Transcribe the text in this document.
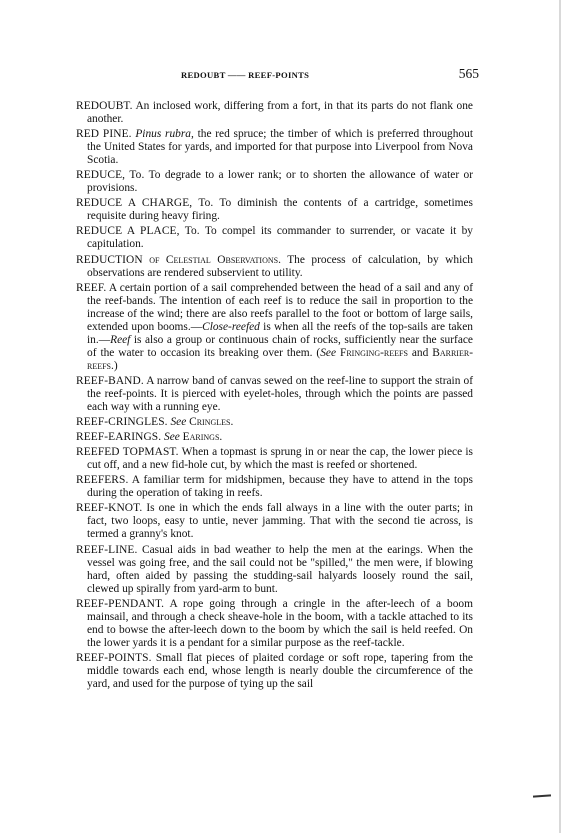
REDOUBT —— REEF-POINTS	565

REDOUBT. An inclosed work, differing from a fort, in that its parts do not flank one another.

RED PINE. Pinus rubra, the red spruce; the timber of which is preferred throughout the United States for yards, and imported for that purpose into Liverpool from Nova Scotia.

REDUCE, To. To degrade to a lower rank; or to shorten the allowance of water or provisions.

REDUCE A CHARGE, To. To diminish the contents of a cartridge, sometimes requisite during heavy firing.

REDUCE A PLACE, To. To compel its commander to surrender, or vacate it by capitulation.

REDUCTION of Celestial Observations. The process of calculation, by which observations are rendered subservient to utility.

REEF. A certain portion of a sail comprehended between the head of a sail and any of the reef-bands. The intention of each reef is to reduce the sail in proportion to the increase of the wind; there are also reefs parallel to the foot or bottom of large sails, extended upon booms.—Close-reefed is when all the reefs of the top-sails are taken in.—Reef is also a group or continuous chain of rocks, sufficiently near the surface of the water to occasion its breaking over them. (See Fringing-reefs and Barrier-reefs.)

REEF-BAND. A narrow band of canvas sewed on the reef-line to support the strain of the reef-points. It is pierced with eyelet-holes, through which the points are passed each way with a running eye.

REEF-CRINGLES. See Cringles.

REEF-EARINGS. See Earings.

REEFED TOPMAST. When a topmast is sprung in or near the cap, the lower piece is cut off, and a new fid-hole cut, by which the mast is reefed or shortened.

REEFERS. A familiar term for midshipmen, because they have to attend in the tops during the operation of taking in reefs.

REEF-KNOT. Is one in which the ends fall always in a line with the outer parts; in fact, two loops, easy to untie, never jamming. That with the second tie across, is termed a granny's knot.

REEF-LINE. Casual aids in bad weather to help the men at the earings. When the vessel was going free, and the sail could not be "spilled," the men were, if blowing hard, often aided by passing the studding-sail halyards loosely round the sail, clewed up spirally from yard-arm to bunt.

REEF-PENDANT. A rope going through a cringle in the after-leech of a boom mainsail, and through a check sheave-hole in the boom, with a tackle attached to its end to bowse the after-leech down to the boom by which the sail is held reefed. On the lower yards it is a pendant for a similar purpose as the reef-tackle.

REEF-POINTS. Small flat pieces of plaited cordage or soft rope, tapering from the middle towards each end, whose length is nearly double the circumference of the yard, and used for the purpose of tying up the sail
